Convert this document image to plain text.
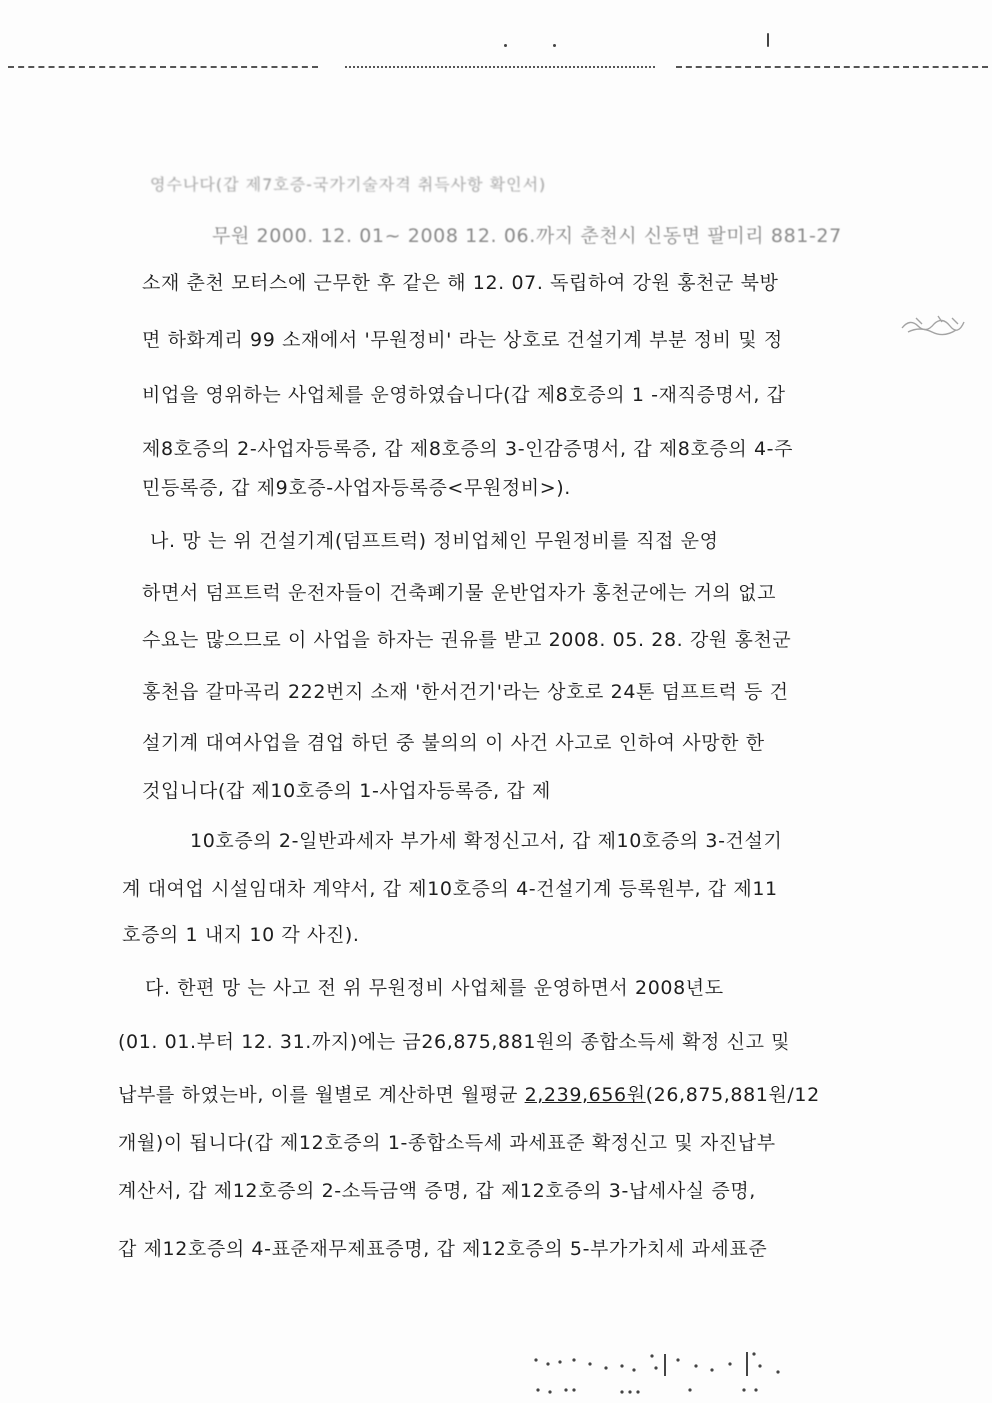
영수나다(갑 제7호증-국가기술자격 취득사항 확인서)
무원 2000. 12. 01~ 2008 12. 06.까지 춘천시 신동면 팔미리 881-27
소재 춘천 모터스에 근무한 후 같은 해 12. 07. 독립하여 강원 홍천군 북방
면 하화계리 99 소재에서 '무원정비' 라는 상호로 건설기계 부분 정비 및 정
비업을 영위하는 사업체를 운영하였습니다(갑 제8호증의 1 -재직증명서, 갑
제8호증의 2-사업자등록증, 갑 제8호증의 3-인감증명서, 갑 제8호증의 4-주
민등록증, 갑 제9호증-사업자등록증<무원정비>).
나. 망 는 위 건설기계(덤프트럭) 정비업체인 무원정비를 직접 운영
하면서 덤프트럭 운전자들이 건축폐기물 운반업자가 홍천군에는 거의 없고
수요는 많으므로 이 사업을 하자는 권유를 받고 2008. 05. 28. 강원 홍천군
홍천읍 갈마곡리 222번지 소재 '한서건기'라는 상호로 24톤 덤프트럭 등 건
설기계 대여사업을 겸업 하던 중 불의의 이 사건 사고로 인하여 사망한 한
것입니다(갑 제10호증의 1-사업자등록증, 갑 제
10호증의 2-일반과세자 부가세 확정신고서, 갑 제10호증의 3-건설기
계 대여업 시설임대차 계약서, 갑 제10호증의 4-건설기계 등록원부, 갑 제11
호증의 1 내지 10 각 사진).
다. 한편 망 는 사고 전 위 무원정비 사업체를 운영하면서 2008년도
(01. 01.부터 12. 31.까지)에는 금26,875,881원의 종합소득세 확정 신고 및
납부를 하였는바, 이를 월별로 계산하면 월평균 2,239,656원(26,875,881원/12
개월)이 됩니다(갑 제12호증의 1-종합소득세 과세표준 확정신고 및 자진납부
계산서, 갑 제12호증의 2-소득금액 증명, 갑 제12호증의 3-납세사실 증명,
갑 제12호증의 4-표준재무제표증명, 갑 제12호증의 5-부가가치세 과세표준
